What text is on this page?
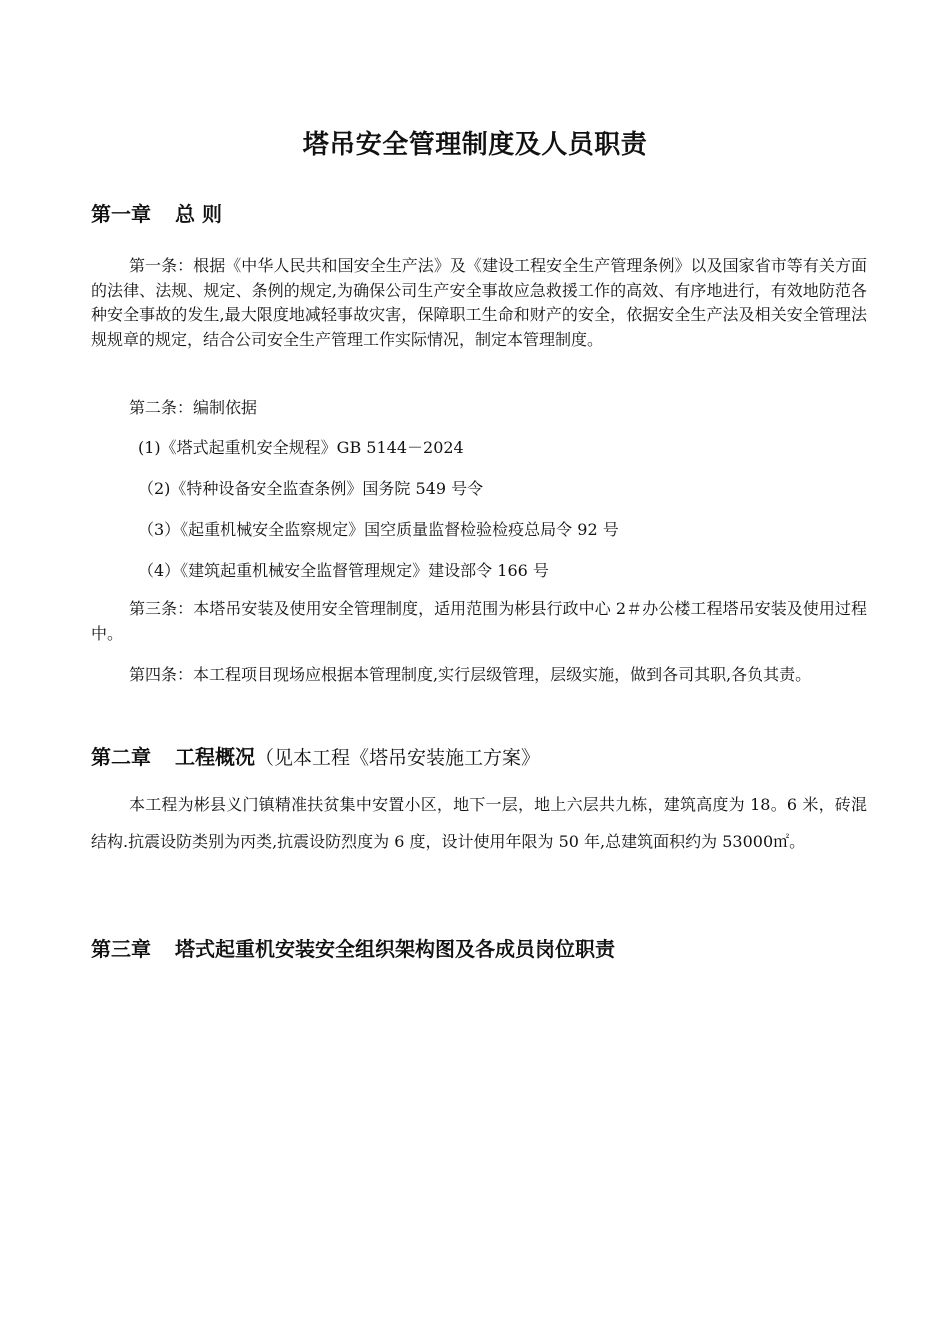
塔吊安全管理制度及人员职责
第一章 总 则

第一条：根据《中华人民共和国安全生产法》及《建设工程安全生产管理条例》以及国家省市等有关方面的法律、法规、规定、条例的规定,为确保公司生产安全事故应急救援工作的高效、有序地进行，有效地防范各种安全事故的发生,最大限度地减轻事故灾害，保障职工生命和财产的安全，依据安全生产法及相关安全管理法规规章的规定，结合公司安全生产管理工作实际情况，制定本管理制度。

第二条：编制依据
(1)《塔式起重机安全规程》GB 5144－2024
（2)《特种设备安全监查条例》国务院 549 号令
（3）《起重机械安全监察规定》国空质量监督检验检疫总局令 92 号
（4）《建筑起重机械安全监督管理规定》建设部令 166 号

第三条：本塔吊安装及使用安全管理制度，适用范围为彬县行政中心 2＃办公楼工程塔吊安装及使用过程中。

第四条：本工程项目现场应根据本管理制度,实行层级管理，层级实施，做到各司其职,各负其责。

第二章 工程概况（见本工程《塔吊安装施工方案》

本工程为彬县义门镇精准扶贫集中安置小区，地下一层，地上六层共九栋，建筑高度为 18。6 米，砖混结构.抗震设防类别为丙类,抗震设防烈度为 6 度，设计使用年限为 50 年,总建筑面积约为 53000㎡。

第三章 塔式起重机安装安全组织架构图及各成员岗位职责
